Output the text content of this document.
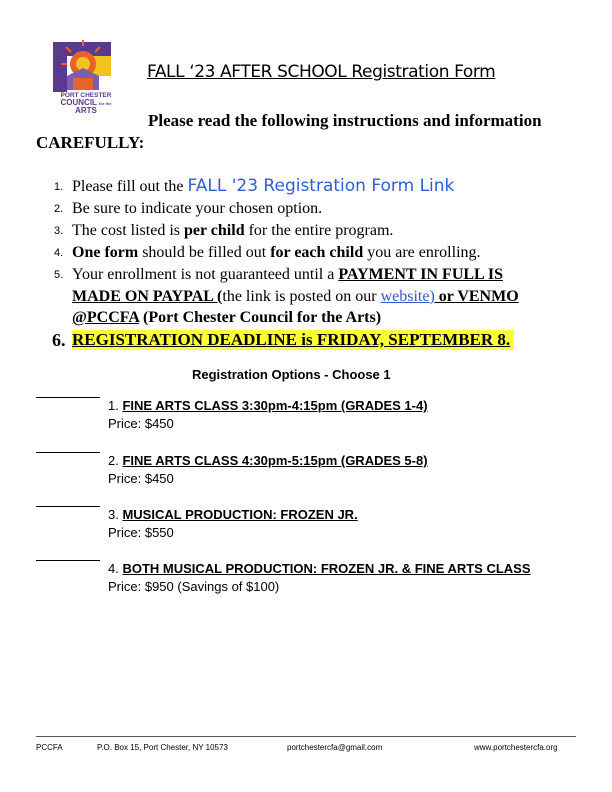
PORT CHESTER
COUNCIL for the ARTS
FALL ‘23 AFTER SCHOOL Registration Form
Please read the following instructions and information
CAREFULLY:
1. Please fill out the FALL '23 Registration Form Link
2. Be sure to indicate your chosen option.
3. The cost listed is per child for the entire program.
4. One form should be filled out for each child you are enrolling.
5. Your enrollment is not guaranteed until a PAYMENT IN FULL IS
MADE ON PAYPAL (the link is posted on our website) or VENMO
@PCCFA (Port Chester Council for the Arts)
6. REGISTRATION DEADLINE is FRIDAY, SEPTEMBER 8.
Registration Options - Choose 1
1. FINE ARTS CLASS 3:30pm-4:15pm (GRADES 1-4)
Price: $450
2. FINE ARTS CLASS 4:30pm-5:15pm (GRADES 5-8)
Price: $450
3. MUSICAL PRODUCTION: FROZEN JR.
Price: $550
4. BOTH MUSICAL PRODUCTION: FROZEN JR. & FINE ARTS CLASS
Price: $950 (Savings of $100)
PCCFA	P.O. Box 15, Port Chester, NY 10573	portchestercfa@gmail.com	www.portchestercfa.org
